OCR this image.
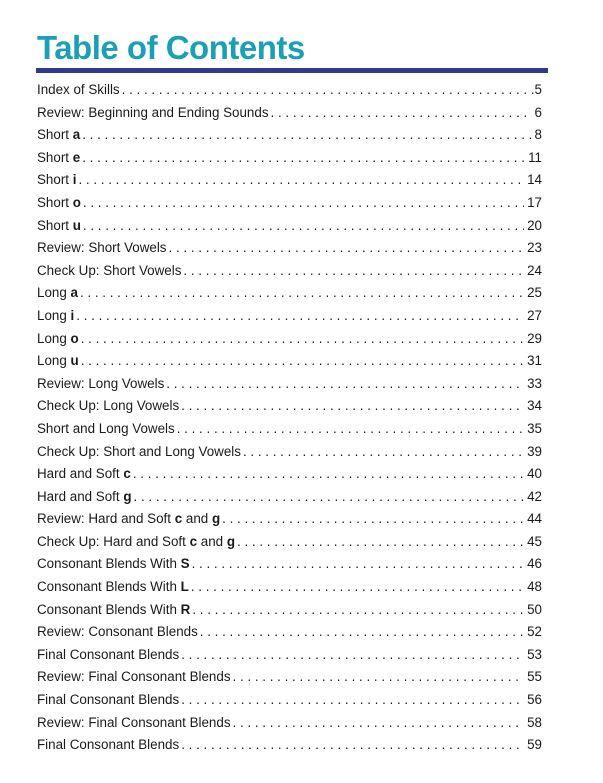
Table of Contents
Index of Skills . . .	.5
Review: Beginning and Ending Sounds . . .	6
Short a . . .	8
Short e . . .	11
Short i . . .	14
Short o . . .	17
Short u . . .	20
Review: Short Vowels . . .	23
Check Up: Short Vowels . . .	24
Long a . . .	25
Long i . . .	27
Long o . . .	29
Long u . . .	31
Review: Long Vowels . . .	33
Check Up: Long Vowels . . .	34
Short and Long Vowels . . .	35
Check Up: Short and Long Vowels . . .	39
Hard and Soft c . . .	40
Hard and Soft g . . .	42
Review: Hard and Soft c and g . . .	44
Check Up: Hard and Soft c and g . . .	45
Consonant Blends With S . . .	46
Consonant Blends With L . . .	48
Consonant Blends With R . . .	50
Review: Consonant Blends . . .	52
Final Consonant Blends . . .	53
Review: Final Consonant Blends . . .	55
Final Consonant Blends . . .	56
Review: Final Consonant Blends . . .	58
Final Consonant Blends . . .	59
